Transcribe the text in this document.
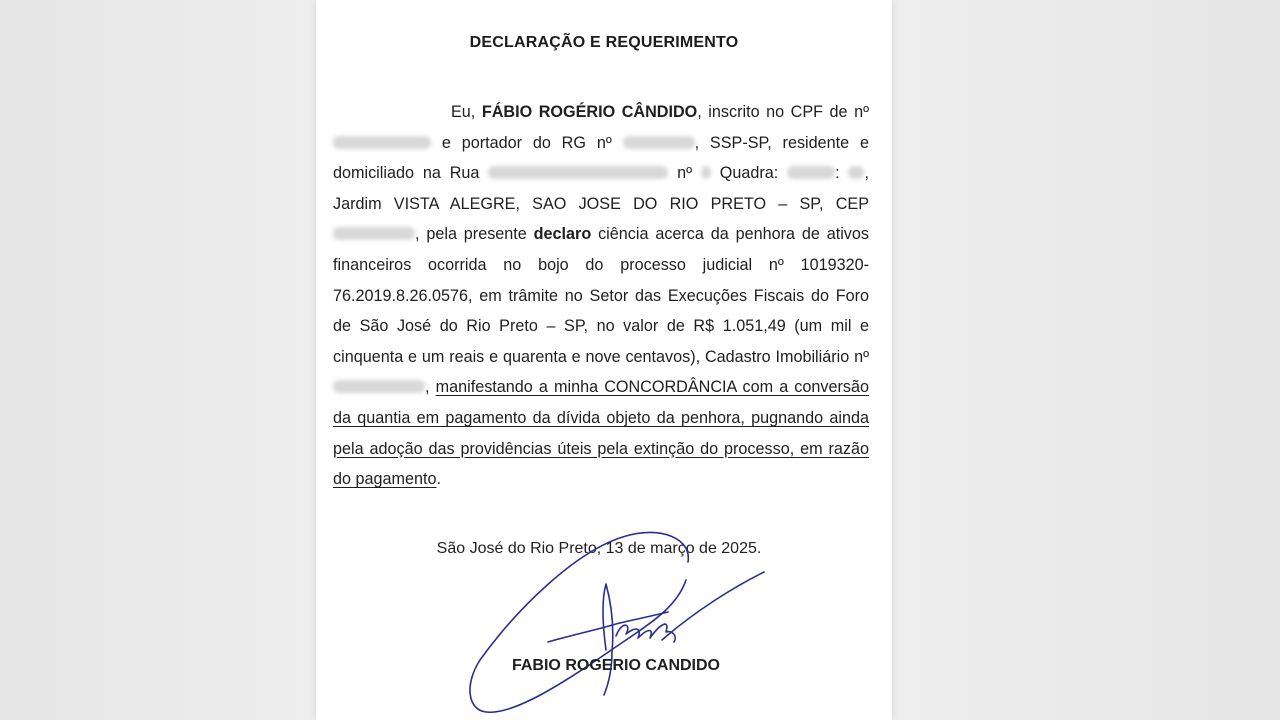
DECLARAÇÃO E REQUERIMENTO
Eu, FÁBIO ROGÉRIO CÂNDIDO, inscrito no CPF de nº  e portador do RG nº	, SSP-SP, residente e domiciliado na Rua	nº  Quadra:	: , Jardim VISTA ALEGRE, SAO JOSE DO RIO PRETO – SP, CEP , pela presente declaro ciência acerca da penhora de ativos financeiros ocorrida no bojo do processo judicial nº 1019320-76.2019.8.26.0576, em trâmite no Setor das Execuções Fiscais do Foro de São José do Rio Preto – SP, no valor de R$ 1.051,49 (um mil e cinquenta e um reais e quarenta e nove centavos), Cadastro Imobiliário nº , manifestando a minha CONCORDÂNCIA com a conversão da quantia em pagamento da dívida objeto da penhora, pugnando ainda pela adoção das providências úteis pela extinção do processo, em razão do pagamento.
São José do Rio Preto, 13 de março de 2025.
FABIO ROGERIO CANDIDO
